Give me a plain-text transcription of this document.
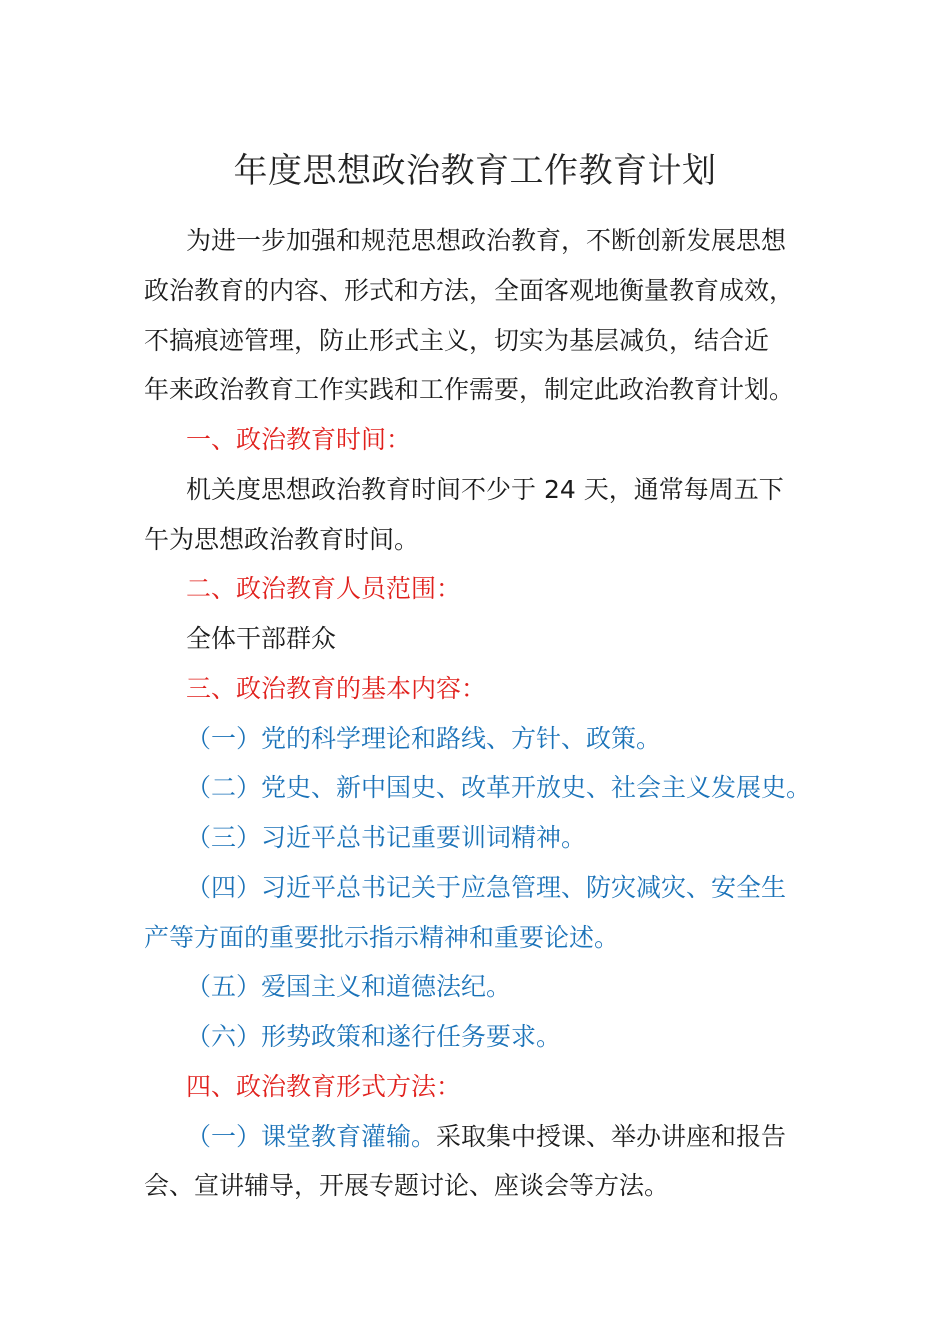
年度思想政治教育工作教育计划
为进一步加强和规范思想政治教育，不断创新发展思想
政治教育的内容、形式和方法，全面客观地衡量教育成效，
不搞痕迹管理，防止形式主义，切实为基层减负，结合近
年来政治教育工作实践和工作需要，制定此政治教育计划。
一、政治教育时间：
机关度思想政治教育时间不少于 24 天，通常每周五下
午为思想政治教育时间。
二、政治教育人员范围：
全体干部群众
三、政治教育的基本内容：
（一）党的科学理论和路线、方针、政策。
（二）党史、新中国史、改革开放史、社会主义发展史。
（三）习近平总书记重要训词精神。
（四）习近平总书记关于应急管理、防灾减灾、安全生
产等方面的重要批示指示精神和重要论述。
（五）爱国主义和道德法纪。
（六）形势政策和遂行任务要求。
四、政治教育形式方法：
（一）课堂教育灌输。采取集中授课、举办讲座和报告
会、宣讲辅导，开展专题讨论、座谈会等方法。
